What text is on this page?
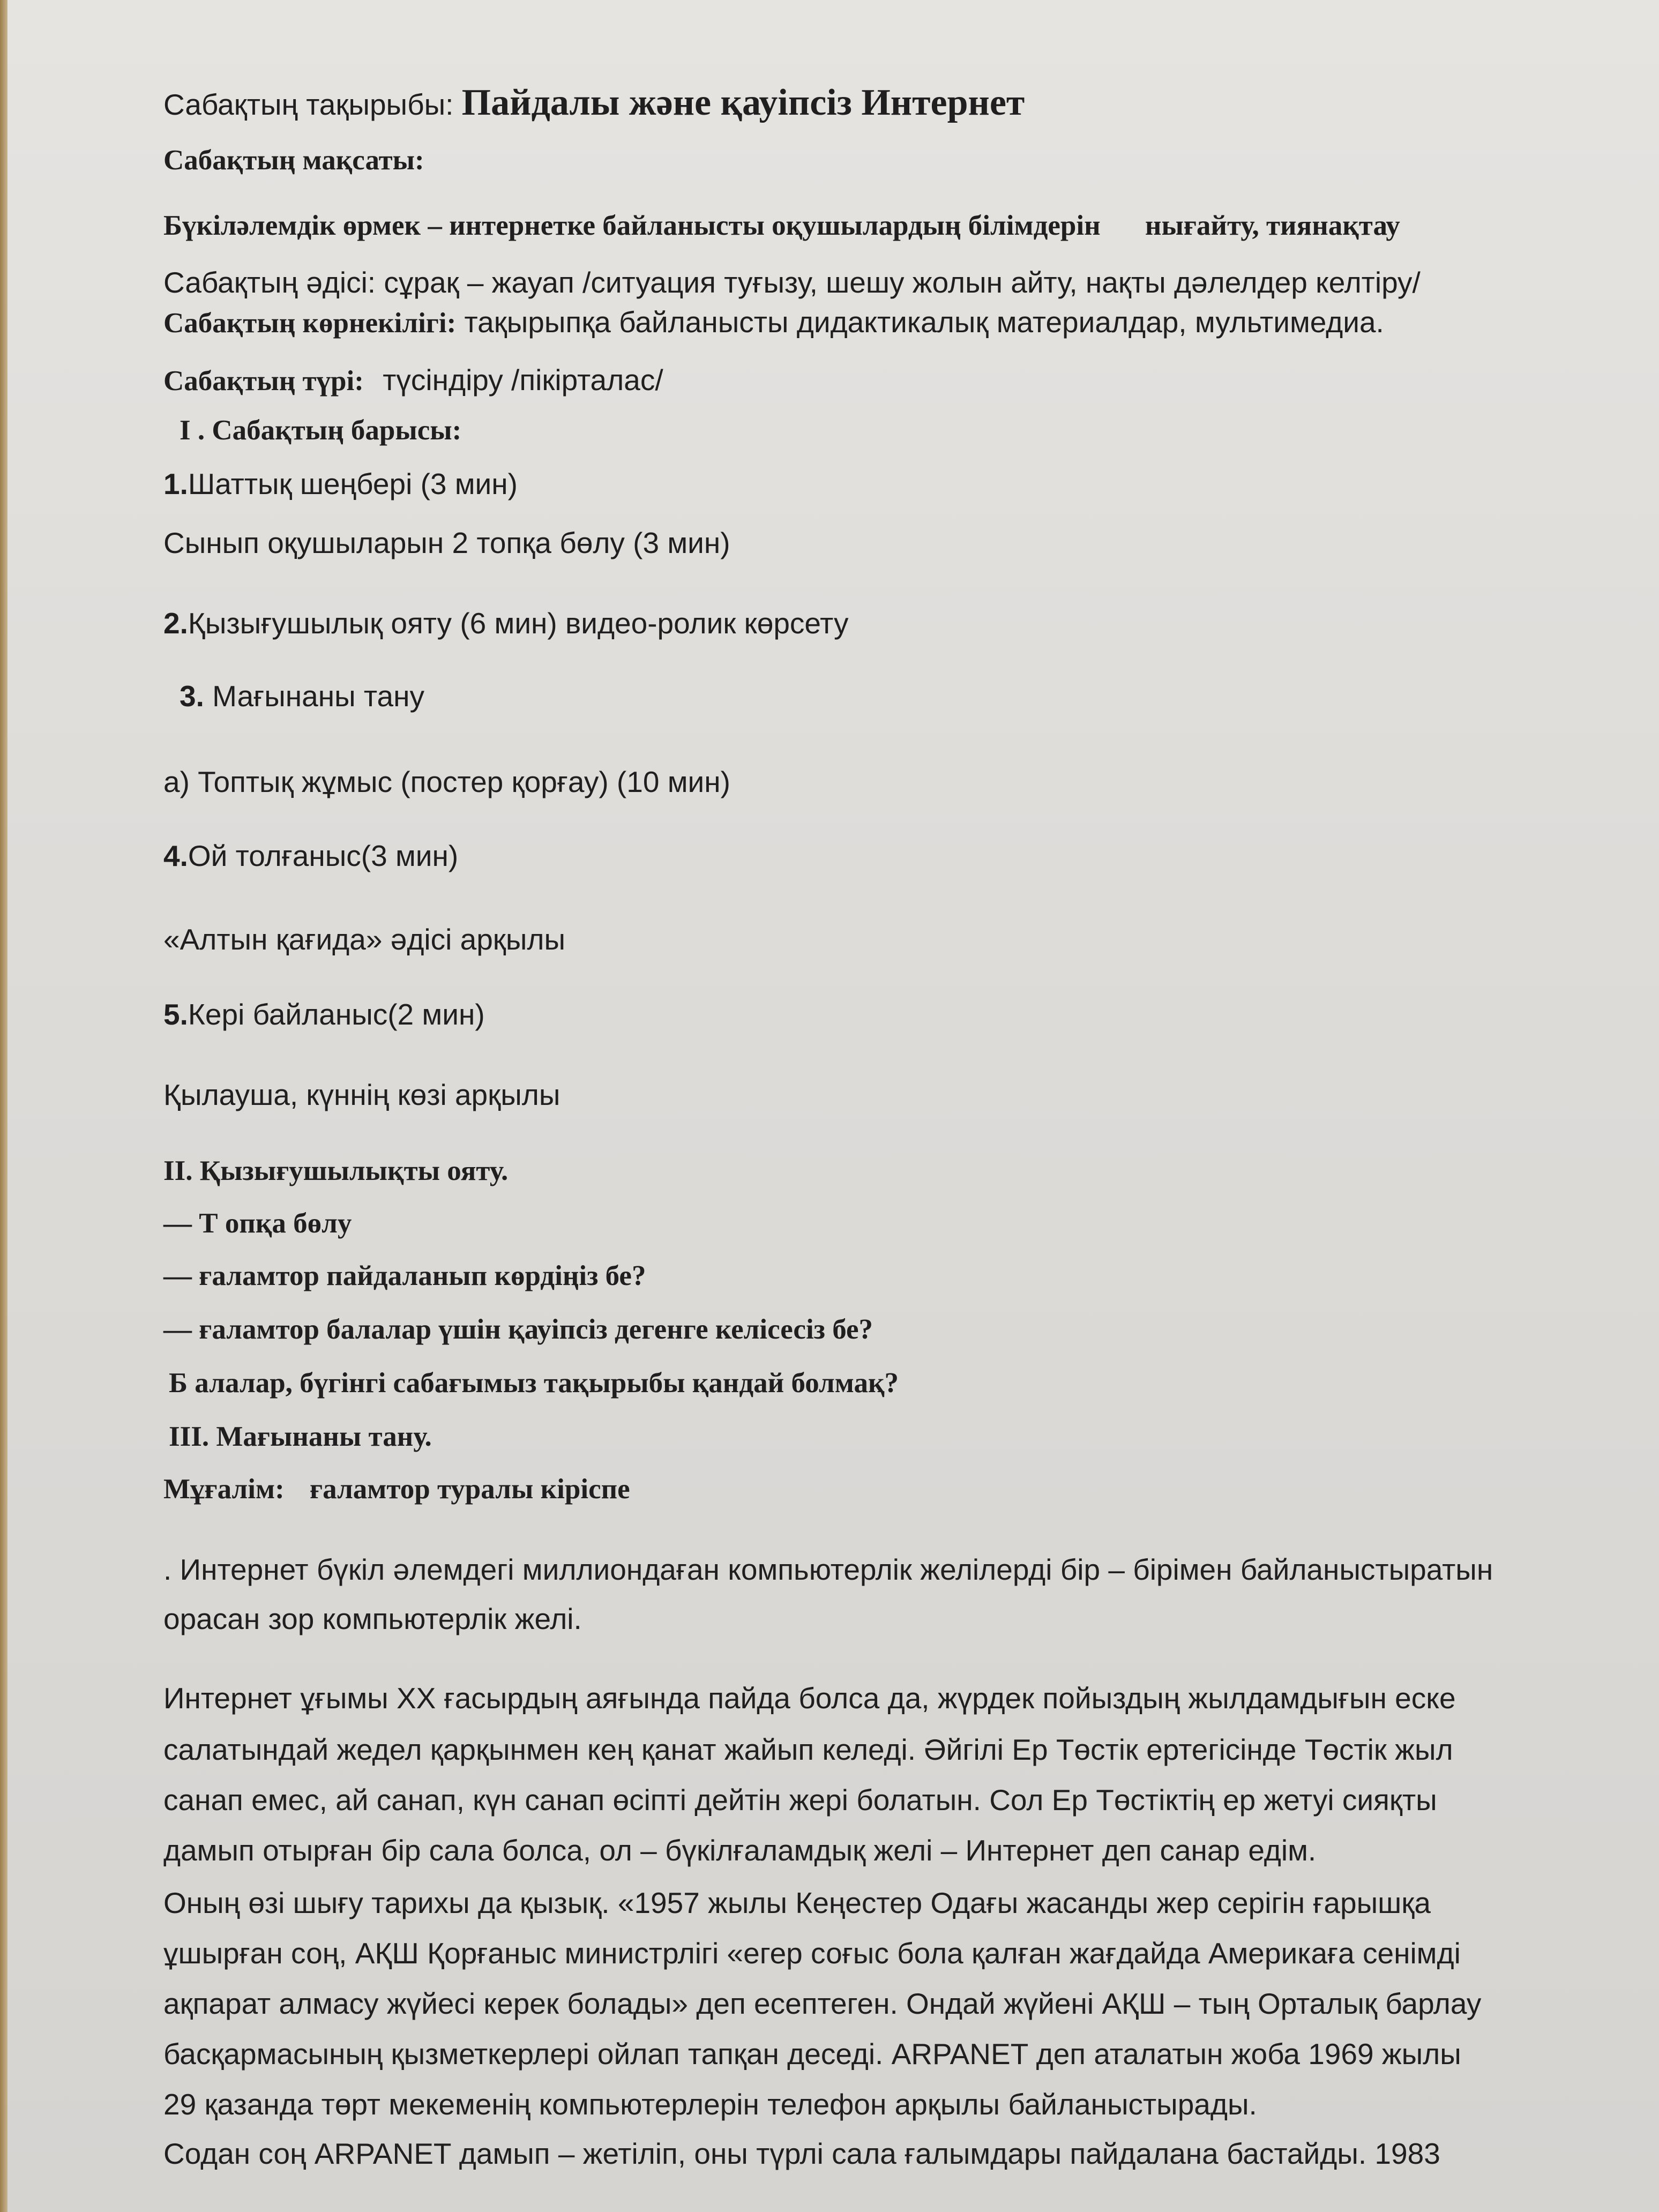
Сабақтың тақырыбы: Пайдалы және қауіпсіз Интернет
Сабақтың мақсаты:
Бүкіләлемдік өрмек – интернетке байланысты оқушылардың білімдерін нығайту, тиянақтау
Сабақтың әдісі: сұрақ – жауап /ситуация туғызу, шешу жолын айту, нақты дәлелдер келтіру/
Сабақтың көрнекілігі: тақырыпқа байланысты дидактикалық материалдар, мультимедиа.
Сабақтың түрі: түсіндіру /пікірталас/
І . Сабақтың барысы:
1.Шаттық шеңбері (3 мин)
Сынып оқушыларын 2 топқа бөлу (3 мин)
2.Қызығушылық ояту (6 мин) видео-ролик көрсету
3. Мағынаны тану
а) Топтық жұмыс (постер қорғау) (10 мин)
4.Ой толғаныс(3 мин)
«Алтын қағида» әдісі арқылы
5.Кері байланыс(2 мин)
Қылауша, күннің көзі арқылы
ІІ. Қызығушылықты ояту.
— Т опқа бөлу
— ғаламтор пайдаланып көрдіңіз бе?
— ғаламтор балалар үшін қауіпсіз дегенге келісесіз бе?
Б алалар, бүгінгі сабағымыз тақырыбы қандай болмақ?
ІІІ. Мағынаны тану.
Мұғалім: ғаламтор туралы кіріспе
. Интернет бүкіл әлемдегі миллиондаған компьютерлік желілерді бір – бірімен байланыстыратын
орасан зор компьютерлік желі.
Интернет ұғымы ХХ ғасырдың аяғында пайда болса да, жүрдек пойыздың жылдамдығын еске
салатындай жедел қарқынмен кең қанат жайып келеді. Әйгілі Ер Төстік ертегісінде Төстік жыл
санап емес, ай санап, күн санап өсіпті дейтін жері болатын. Сол Ер Төстіктің ер жетуі сияқты
дамып отырған бір сала болса, ол – бүкілғаламдық желі – Интернет деп санар едім.
Оның өзі шығу тарихы да қызық. «1957 жылы Кеңестер Одағы жасанды жер серігін ғарышқа
ұшырған соң, АҚШ Қорғаныс министрлігі «егер соғыс бола қалған жағдайда Америкаға сенімді
ақпарат алмасу жүйесі керек болады» деп есептеген. Ондай жүйені АҚШ – тың Орталық барлау
басқармасының қызметкерлері ойлап тапқан деседі. ARPANET деп аталатын жоба 1969 жылы
29 қазанда төрт мекеменің компьютерлерін телефон арқылы байланыстырады.
Содан соң ARPANET дамып – жетіліп, оны түрлі сала ғалымдары пайдалана бастайды. 1983
